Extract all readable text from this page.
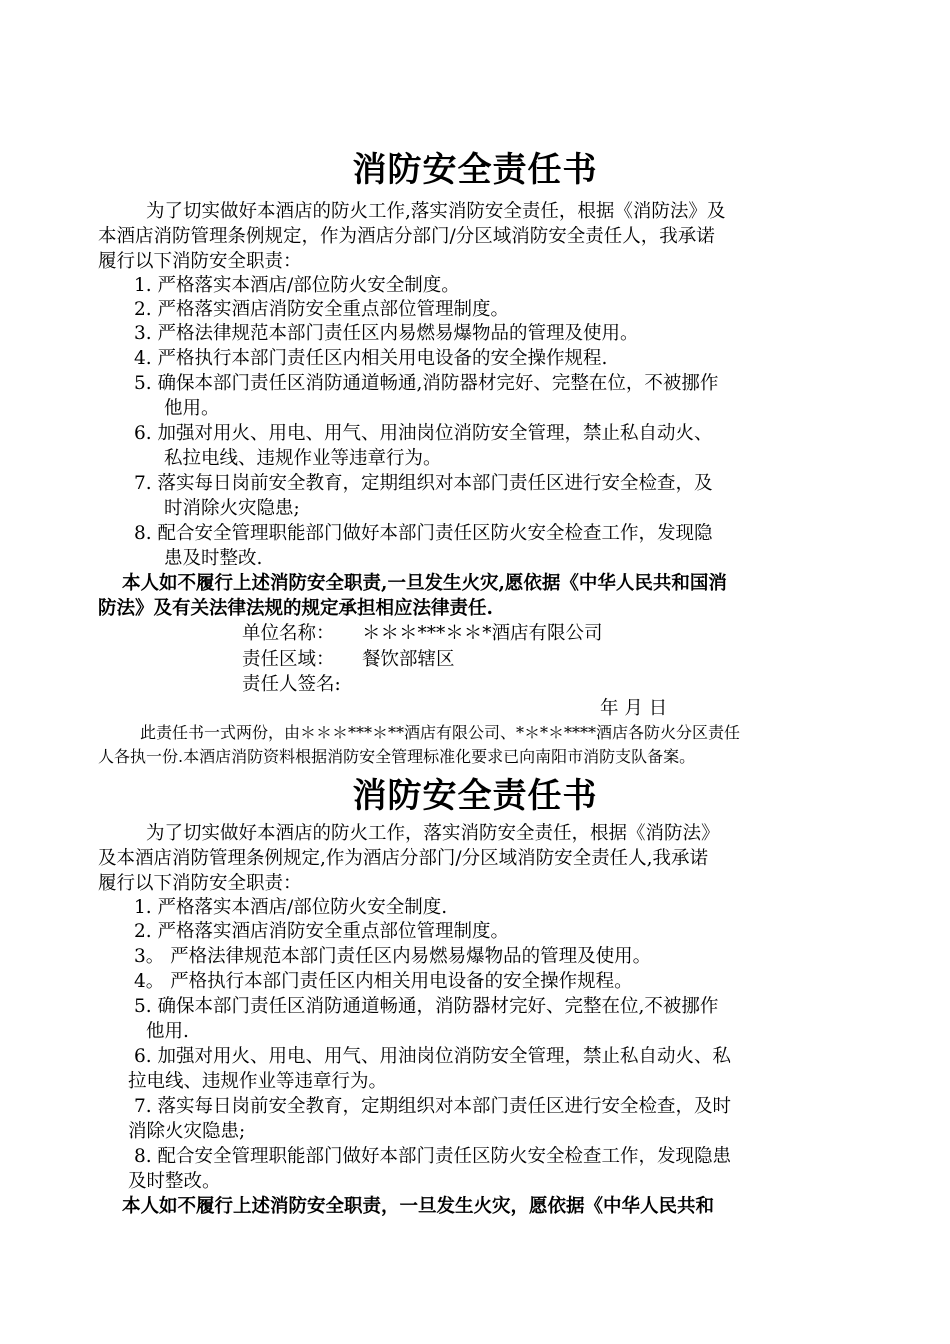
消防安全责任书
为了切实做好本酒店的防火工作,落实消防安全责任，根据《消防法》及
本酒店消防管理条例规定，作为酒店分部门/分区域消防安全责任人，我承诺
履行以下消防安全职责：
1. 严格落实本酒店/部位防火安全制度。
2. 严格落实酒店消防安全重点部位管理制度。
3. 严格法律规范本部门责任区内易燃易爆物品的管理及使用。
4. 严格执行本部门责任区内相关用电设备的安全操作规程.
5. 确保本部门责任区消防通道畅通,消防器材完好、完整在位，不被挪作
他用。
6. 加强对用火、用电、用气、用油岗位消防安全管理，禁止私自动火、
私拉电线、违规作业等违章行为。
7. 落实每日岗前安全教育，定期组织对本部门责任区进行安全检查，及
时消除火灾隐患;
8. 配合安全管理职能部门做好本部门责任区防火安全检查工作，发现隐
患及时整改.
本人如不履行上述消防安全职责,一旦发生火灾,愿依据《中华人民共和国消
防法》及有关法律法规的规定承担相应法律责任.
单位名称： ＊＊＊***＊＊*酒店有限公司
责任区域： 餐饮部辖区
责任人签名:
年 月 日
此责任书一式两份，由＊＊＊***＊**酒店有限公司、*＊*＊****酒店各防火分区责任
人各执一份.本酒店消防资料根据消防安全管理标准化要求已向南阳市消防支队备案。
消防安全责任书
为了切实做好本酒店的防火工作，落实消防安全责任，根据《消防法》
及本酒店消防管理条例规定,作为酒店分部门/分区域消防安全责任人,我承诺
履行以下消防安全职责：
1. 严格落实本酒店/部位防火安全制度.
2. 严格落实酒店消防安全重点部位管理制度。
3。 严格法律规范本部门责任区内易燃易爆物品的管理及使用。
4。 严格执行本部门责任区内相关用电设备的安全操作规程。
5. 确保本部门责任区消防通道畅通，消防器材完好、完整在位,不被挪作
他用.
6. 加强对用火、用电、用气、用油岗位消防安全管理，禁止私自动火、私
拉电线、违规作业等违章行为。
7. 落实每日岗前安全教育，定期组织对本部门责任区进行安全检查，及时
消除火灾隐患;
8. 配合安全管理职能部门做好本部门责任区防火安全检查工作，发现隐患
及时整改。
本人如不履行上述消防安全职责，一旦发生火灾，愿依据《中华人民共和
